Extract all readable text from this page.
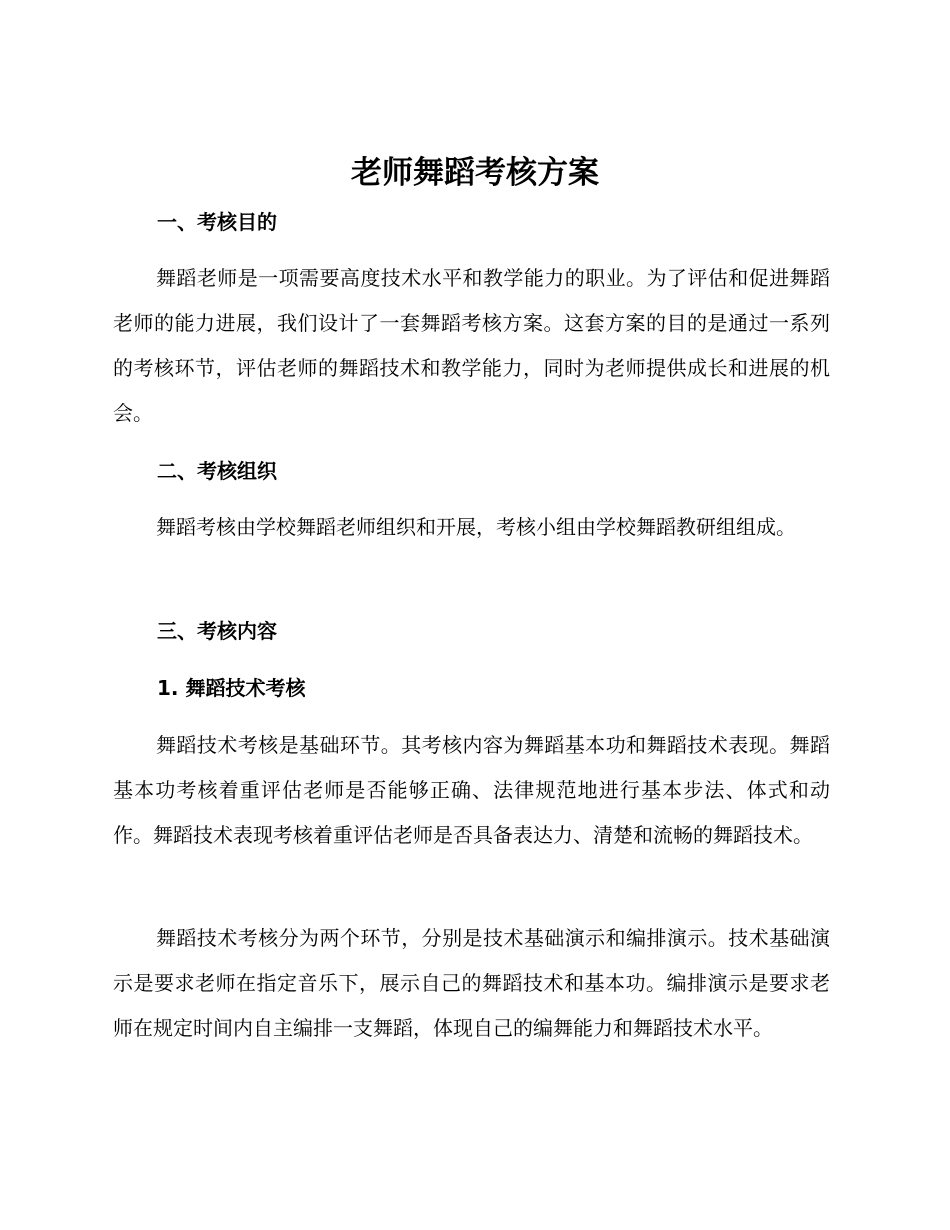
老师舞蹈考核方案
一、考核目的

舞蹈老师是一项需要高度技术水平和教学能力的职业。为了评估和促进舞蹈老师的能力进展，我们设计了一套舞蹈考核方案。这套方案的目的是通过一系列的考核环节，评估老师的舞蹈技术和教学能力，同时为老师提供成长和进展的机会。

二、考核组织

舞蹈考核由学校舞蹈老师组织和开展，考核小组由学校舞蹈教研组组成。

三、考核内容
1. 舞蹈技术考核

舞蹈技术考核是基础环节。其考核内容为舞蹈基本功和舞蹈技术表现。舞蹈基本功考核着重评估老师是否能够正确、法律规范地进行基本步法、体式和动作。舞蹈技术表现考核着重评估老师是否具备表达力、清楚和流畅的舞蹈技术。

舞蹈技术考核分为两个环节，分别是技术基础演示和编排演示。技术基础演示是要求老师在指定音乐下，展示自己的舞蹈技术和基本功。编排演示是要求老师在规定时间内自主编排一支舞蹈，体现自己的编舞能力和舞蹈技术水平。
